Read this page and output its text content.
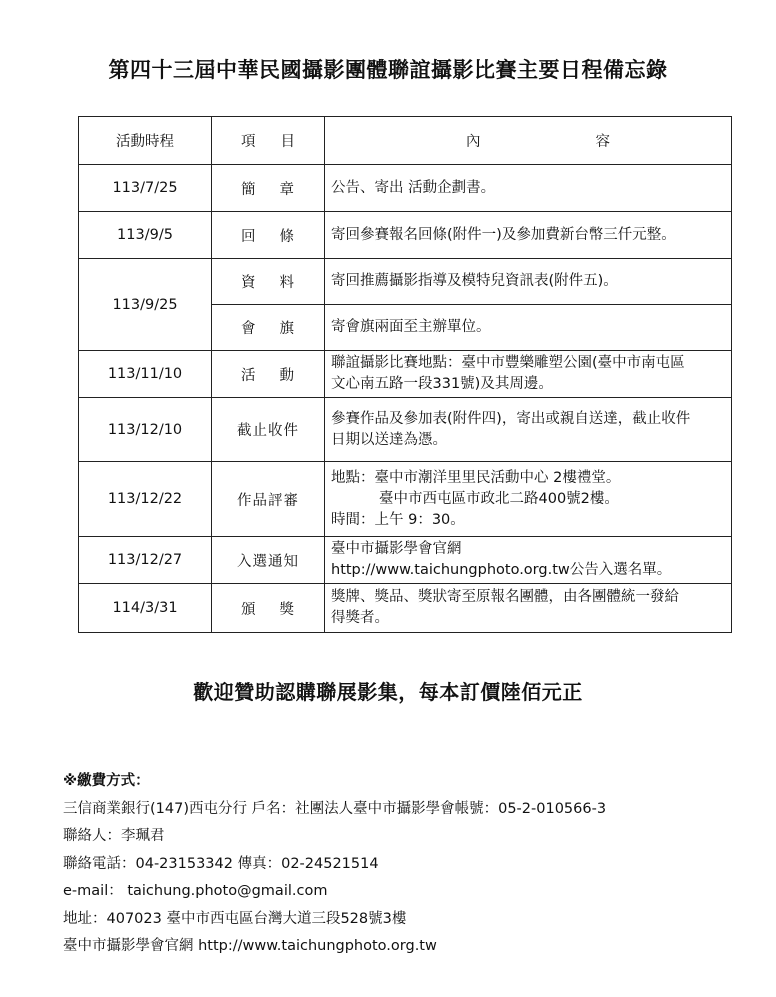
第四十三屆中華民國攝影團體聯誼攝影比賽主要日程備忘錄
活動時程	項 目	內 容

113/7/25	簡 章	公告、寄出 活動企劃書。

113/9/5	回 條	寄回參賽報名回條(附件一)及參加費新台幣三仟元整。

113/9/25	資 料	寄回推薦攝影指導及模特兒資訊表(附件五)。

	會 旗	寄會旗兩面至主辦單位。

113/11/10	活 動	聯誼攝影比賽地點：臺中市豐樂雕塑公園(臺中市南屯區
文心南五路一段331號)及其周邊。

113/12/10	截止收件	參賽作品及參加表(附件四)，寄出或親自送達，截止收件
日期以送達為憑。

113/12/22	作品評審	地點：臺中市潮洋里里民活動中心 2樓禮堂。
臺中市西屯區市政北二路400號2樓。
時間：上午 9：30。

113/12/27	入選通知	臺中市攝影學會官網
http://www.taichungphoto.org.tw公告入選名單。

114/3/31	頒 獎	獎牌、獎品、獎狀寄至原報名團體，由各團體統一發給
得獎者。
歡迎贊助認購聯展影集，每本訂價陸佰元正
※繳費方式：
三信商業銀行(147)西屯分行 戶名：社團法人臺中市攝影學會帳號：05-2-010566-3
聯絡人：李珮君
聯絡電話：04-23153342 傳真：02-24521514
e-mail： taichung.photo@gmail.com
地址：407023 臺中市西屯區台灣大道三段528號3樓
臺中市攝影學會官網 http://www.taichungphoto.org.tw
